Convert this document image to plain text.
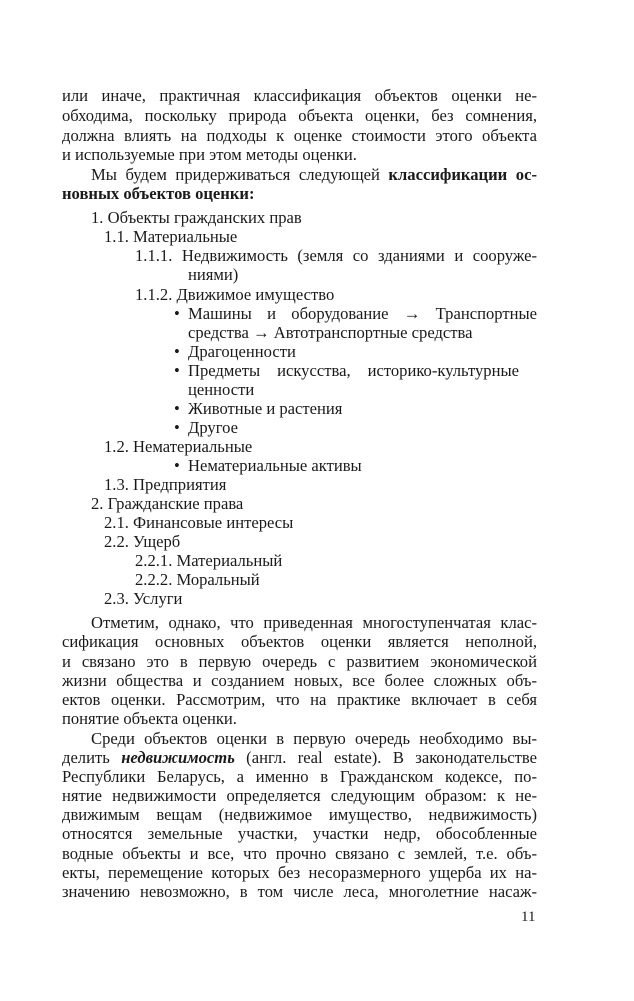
или иначе, практичная классификация объектов оценки не-
обходима, поскольку природа объекта оценки, без сомнения,
должна влиять на подходы к оценке стоимости этого объекта
и используемые при этом методы оценки.
Мы будем придерживаться следующей классификации ос-
новных объектов оценки:
1. Объекты гражданских прав
1.1. Материальные
1.1.1. Недвижимость (земля со зданиями и сооруже-
ниями)
1.1.2. Движимое имущество
• Машины и оборудование → Транспортные
средства → Автотранспортные средства
• Драгоценности
• Предметы искусства, историко-культурные
ценности
• Животные и растения
• Другое
1.2. Нематериальные
• Нематериальные активы
1.3. Предприятия
2. Гражданские права
2.1. Финансовые интересы
2.2. Ущерб
2.2.1. Материальный
2.2.2. Моральный
2.3. Услуги
Отметим, однако, что приведенная многоступенчатая клас-
сификация основных объектов оценки является неполной,
и связано это в первую очередь с развитием экономической
жизни общества и созданием новых, все более сложных объ-
ектов оценки. Рассмотрим, что на практике включает в себя
понятие объекта оценки.
Среди объектов оценки в первую очередь необходимо вы-
делить недвижимость (англ. real estate). В законодательстве
Республики Беларусь, а именно в Гражданском кодексе, по-
нятие недвижимости определяется следующим образом: к не-
движимым вещам (недвижимое имущество, недвижимость)
относятся земельные участки, участки недр, обособленные
водные объекты и все, что прочно связано с землей, т.е. объ-
екты, перемещение которых без несоразмерного ущерба их на-
значению невозможно, в том числе леса, многолетние насаж-
11
